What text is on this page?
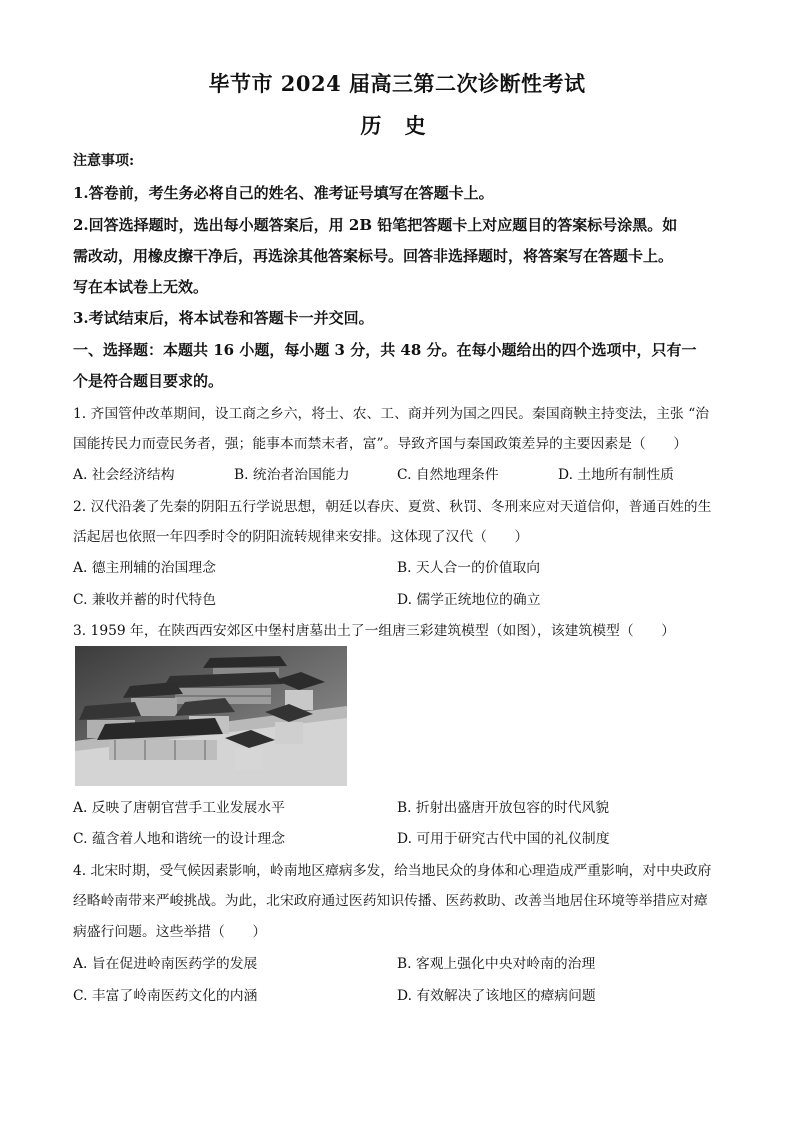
毕节市 2024 届高三第二次诊断性考试
历 史
注意事项:
1.答卷前，考生务必将自己的姓名、准考证号填写在答题卡上。
2.回答选择题时，选出每小题答案后，用 2B 铅笔把答题卡上对应题目的答案标号涂黑。如
需改动，用橡皮擦干净后，再选涂其他答案标号。回答非选择题时，将答案写在答题卡上。
写在本试卷上无效。
3.考试结束后，将本试卷和答题卡一并交回。
一、选择题：本题共 16 小题，每小题 3 分，共 48 分。在每小题给出的四个选项中，只有一
个是符合题目要求的。
1. 齐国管仲改革期间，设工商之乡六，将士、农、工、商并列为国之四民。秦国商鞅主持变法，主张 “治
国能抟民力而壹民务者，强；能事本而禁末者，富”。导致齐国与秦国政策差异的主要因素是（　　）
A. 社会经济结构	B. 统治者治国能力	C. 自然地理条件	D. 土地所有制性质
2. 汉代沿袭了先秦的阴阳五行学说思想，朝廷以春庆、夏赏、秋罚、冬刑来应对天道信仰，普通百姓的生
活起居也依照一年四季时令的阴阳流转规律来安排。这体现了汉代（　　）
A. 德主刑辅的治国理念	B. 天人合一的价值取向
C. 兼收并蓄的时代特色	D. 儒学正统地位的确立
3. 1959 年，在陕西西安郊区中堡村唐墓出土了一组唐三彩建筑模型（如图），该建筑模型（　　）
A. 反映了唐朝官营手工业发展水平	B. 折射出盛唐开放包容的时代风貌
C. 蕴含着人地和谐统一的设计理念	D. 可用于研究古代中国的礼仪制度
4. 北宋时期，受气候因素影响，岭南地区瘴病多发，给当地民众的身体和心理造成严重影响，对中央政府
经略岭南带来严峻挑战。为此，北宋政府通过医药知识传播、医药救助、改善当地居住环境等举措应对瘴
病盛行问题。这些举措（　　）
A. 旨在促进岭南医药学的发展	B. 客观上强化中央对岭南的治理
C. 丰富了岭南医药文化的内涵	D. 有效解决了该地区的瘴病问题
